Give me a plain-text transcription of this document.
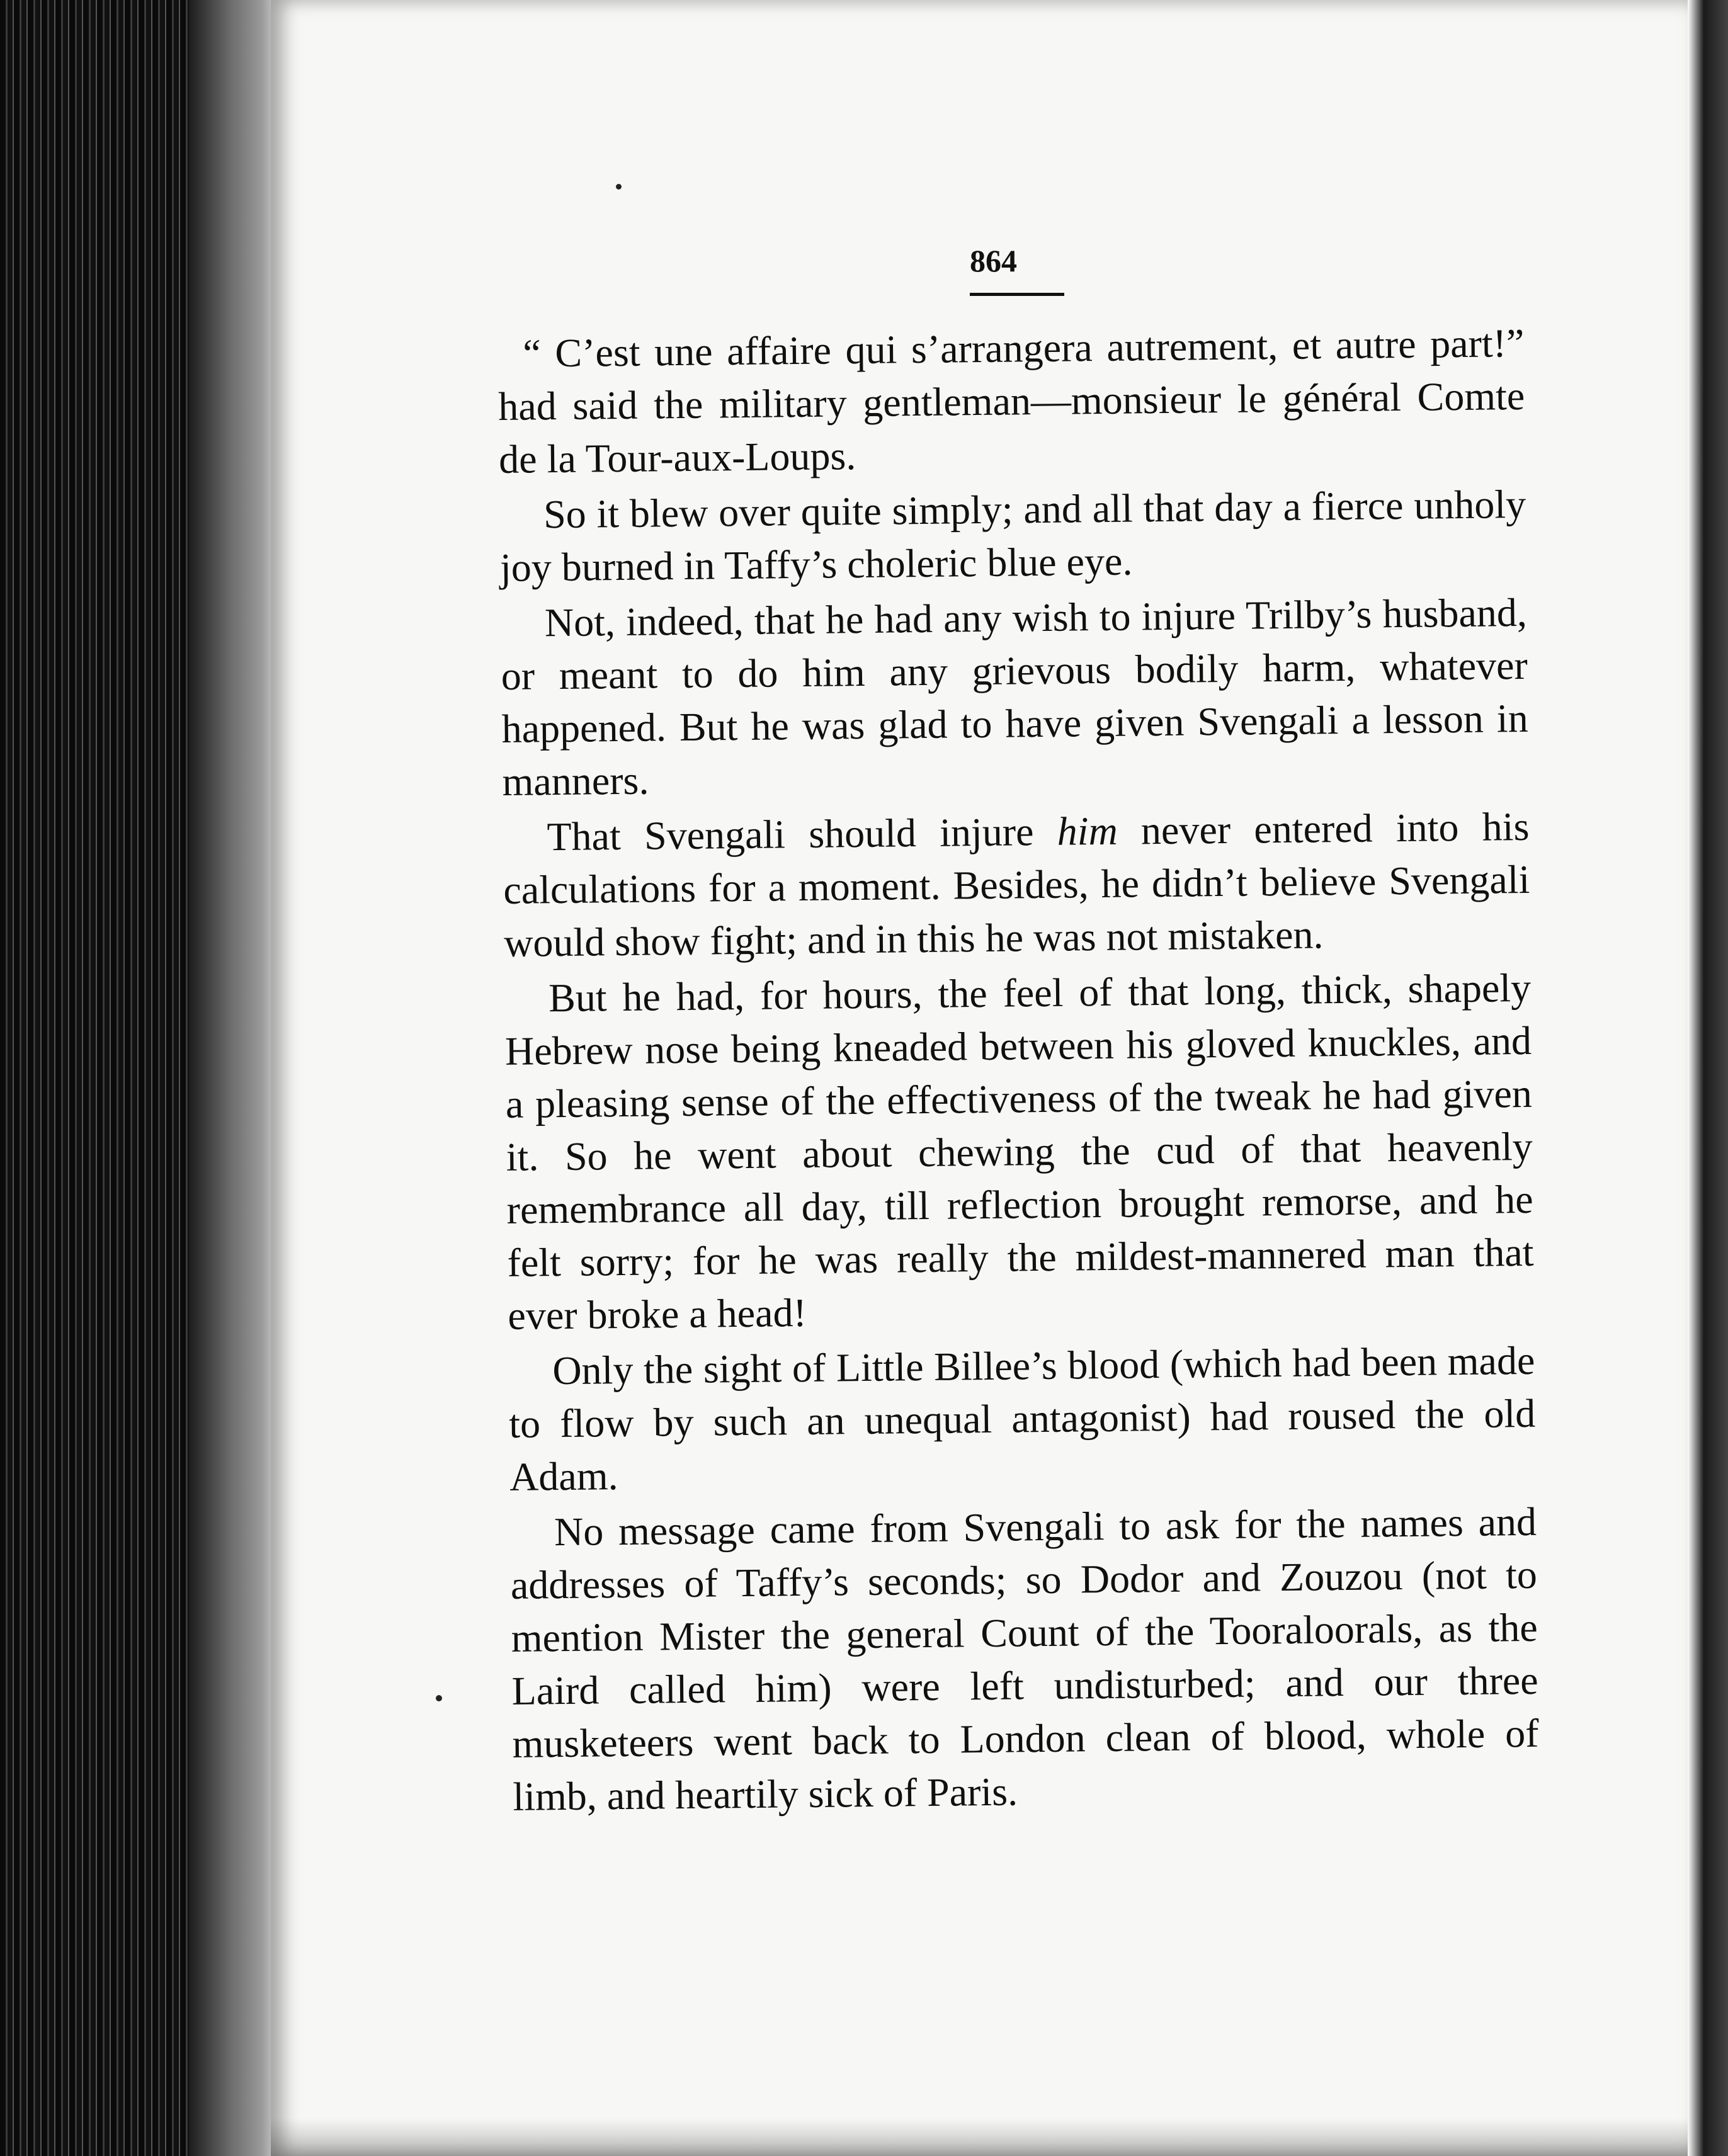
864

“ C’est une affaire qui s’arrangera autrement, et autre part!” had said the military gentleman—monsieur le général Comte de la Tour-aux-Loups.

So it blew over quite simply; and all that day a fierce unholy joy burned in Taffy’s choleric blue eye.

Not, indeed, that he had any wish to injure Trilby’s husband, or meant to do him any grievous bodily harm, whatever happened. But he was glad to have given Svengali a lesson in manners.

That Svengali should injure him never entered into his calculations for a moment. Besides, he didn’t believe Svengali would show fight; and in this he was not mistaken.

But he had, for hours, the feel of that long, thick, shapely Hebrew nose being kneaded between his gloved knuckles, and a pleasing sense of the effectiveness of the tweak he had given it. So he went about chewing the cud of that heavenly remembrance all day, till reflection brought remorse, and he felt sorry; for he was really the mildest-mannered man that ever broke a head!

Only the sight of Little Billee’s blood (which had been made to flow by such an unequal antagonist) had roused the old Adam.

No message came from Svengali to ask for the names and addresses of Taffy’s seconds; so Dodor and Zouzou (not to mention Mister the general Count of the Tooraloorals, as the Laird called him) were left undisturbed; and our three musketeers went back to London clean of blood, whole of limb, and heartily sick of Paris.
